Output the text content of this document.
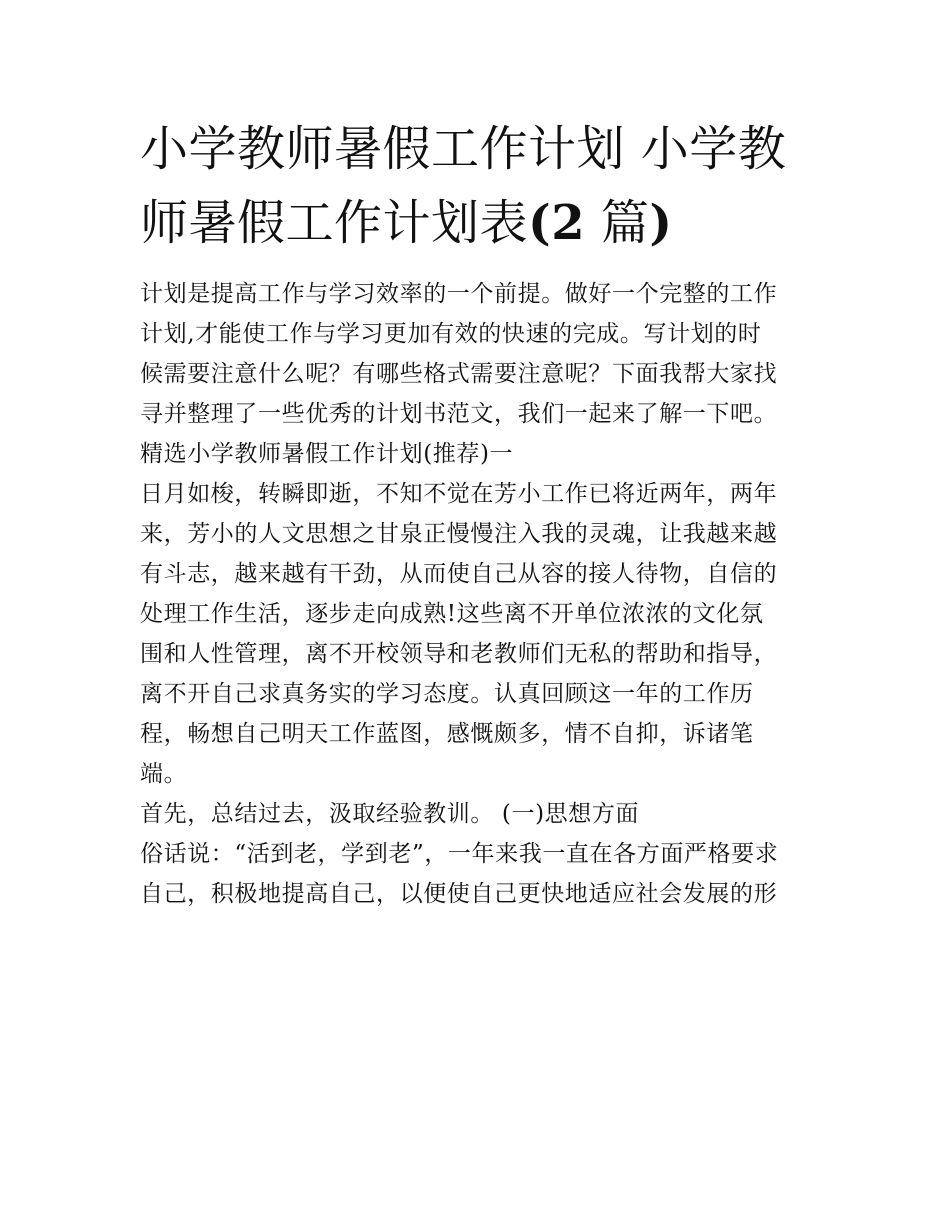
小学教师暑假工作计划 小学教
师暑假工作计划表(2 篇)

计划是提高工作与学习效率的一个前提。做好一个完整的工作
计划,才能使工作与学习更加有效的快速的完成。写计划的时
候需要注意什么呢？有哪些格式需要注意呢？下面我帮大家找
寻并整理了一些优秀的计划书范文，我们一起来了解一下吧。

精选小学教师暑假工作计划(推荐)一

日月如梭，转瞬即逝，不知不觉在芳小工作已将近两年，两年
来，芳小的人文思想之甘泉正慢慢注入我的灵魂，让我越来越
有斗志，越来越有干劲，从而使自己从容的接人待物，自信的
处理工作生活，逐步走向成熟!这些离不开单位浓浓的文化氛
围和人性管理，离不开校领导和老教师们无私的帮助和指导，
离不开自己求真务实的学习态度。认真回顾这一年的工作历
程，畅想自己明天工作蓝图，感慨颇多，情不自抑，诉诸笔
端。

首先，总结过去，汲取经验教训。 (一)思想方面

俗话说：“活到老，学到老”，一年来我一直在各方面严格要求
自己，积极地提高自己，以便使自己更快地适应社会发展的形
